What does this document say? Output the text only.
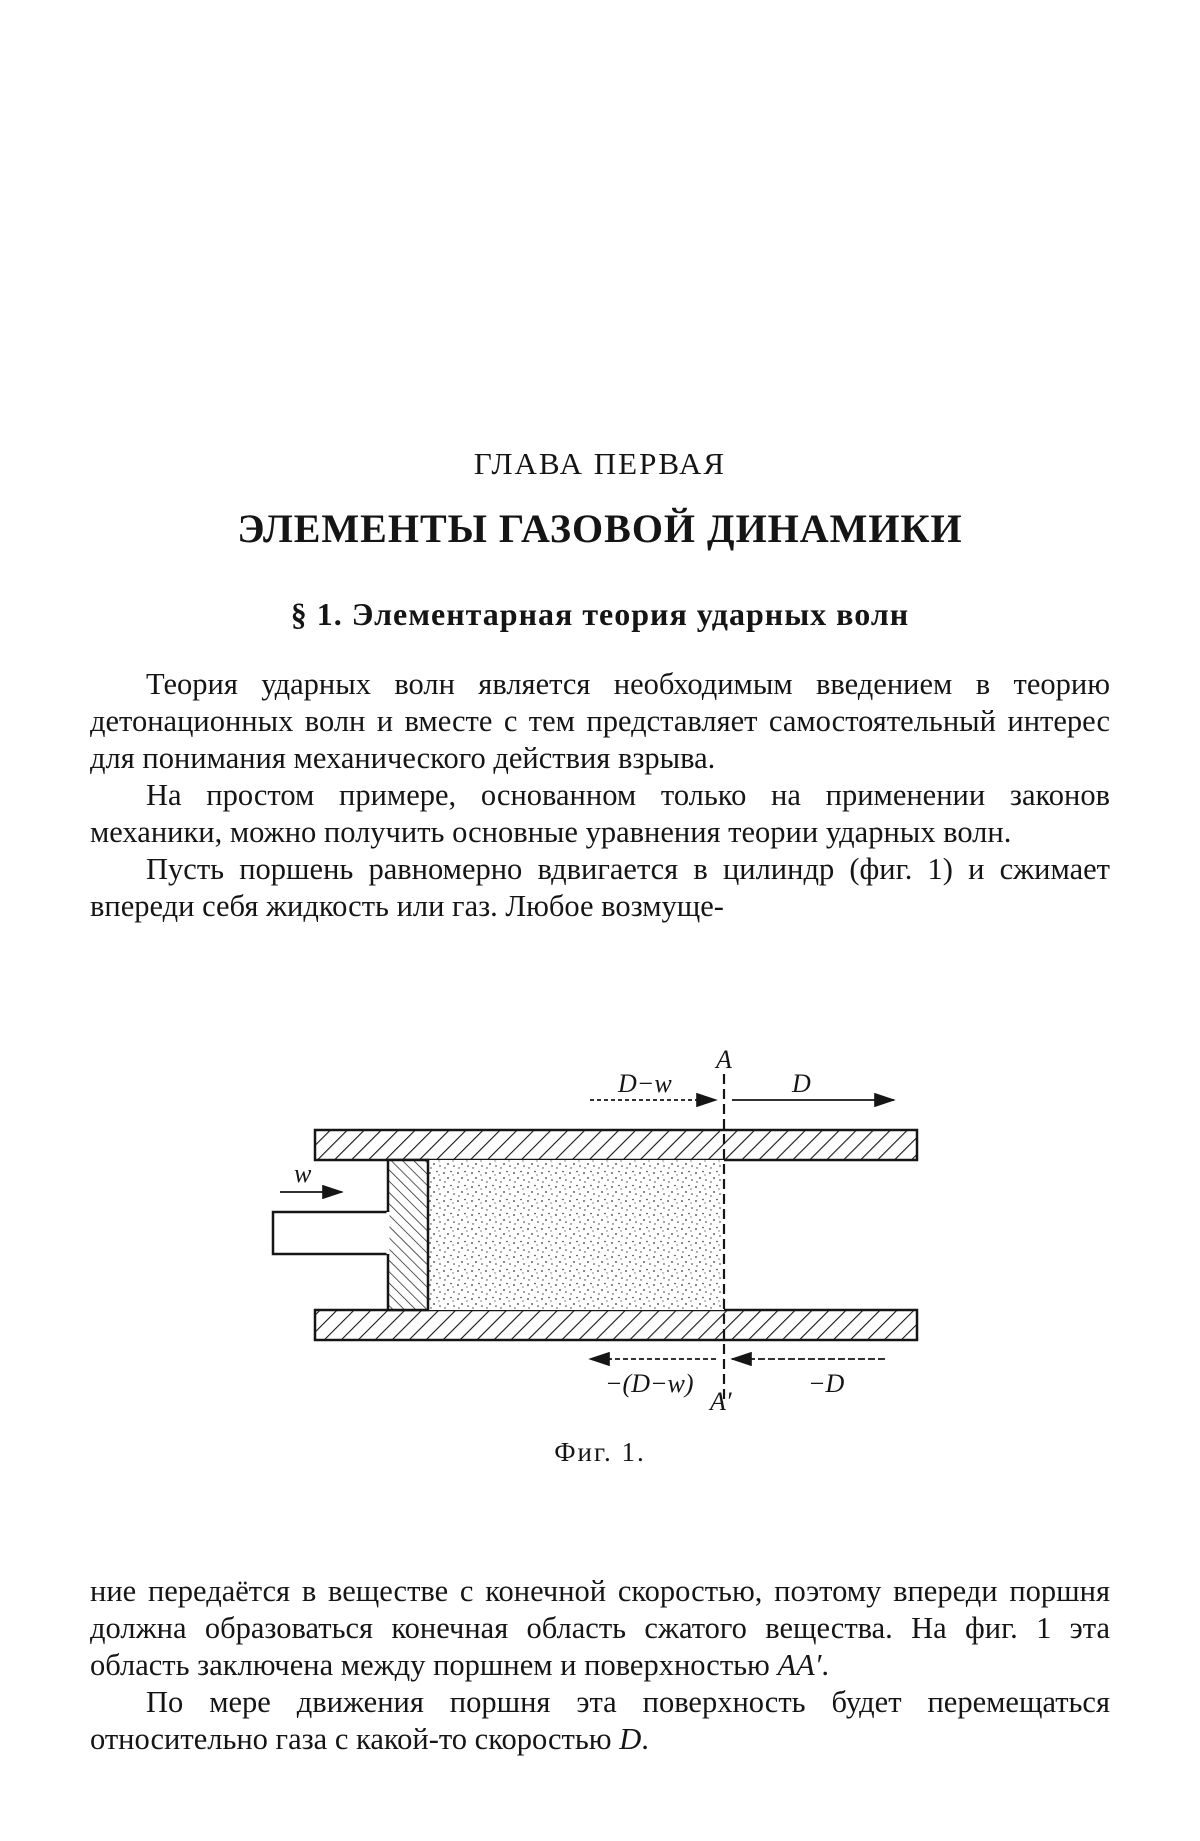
ГЛАВА ПЕРВАЯ
ЭЛЕМЕНТЫ ГАЗОВОЙ ДИНАМИКИ
§ 1. Элементарная теория ударных волн

Теория ударных волн является необходимым введением в теорию детонационных волн и вместе с тем представляет самостоятельный интерес для понимания механического действия взрыва.

На простом примере, основанном только на применении законов механики, можно получить основные уравнения теории ударных волн.

Пусть поршень равномерно вдвигается в цилиндр (фиг. 1) и сжимает впереди себя жидкость или газ. Любое возмуще-

A
D−w	D
w
A′
−(D−w)	−D
Фиг. 1.

ние передаётся в веществе с конечной скоростью, поэтому впереди поршня должна образоваться конечная область сжатого вещества. На фиг. 1 эта область заключена между поршнем и поверхностью AA′.

По мере движения поршня эта поверхность будет перемещаться относительно газа с какой-то скоростью D.
